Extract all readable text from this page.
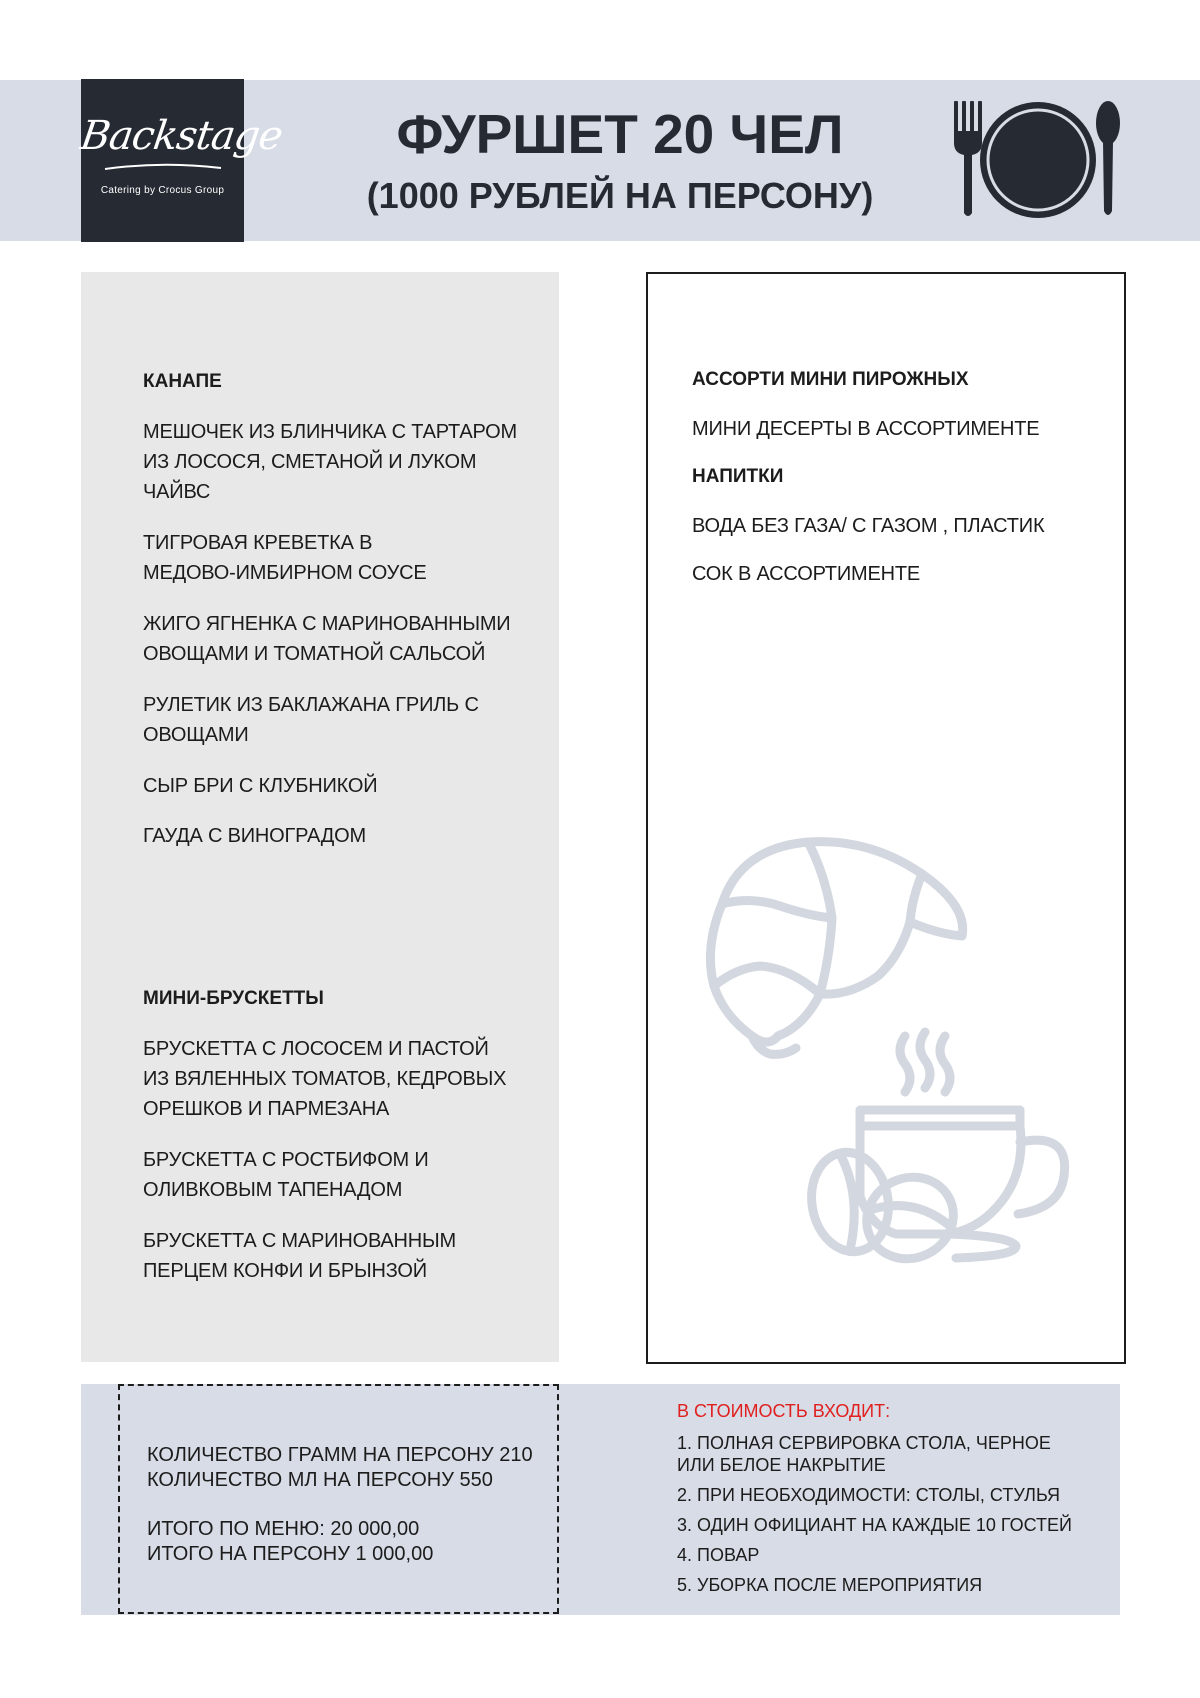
Backstage
Catering by Crocus Group
ФУРШЕТ 20 ЧЕЛ
(1000 РУБЛЕЙ НА ПЕРСОНУ)
КАНАПЕ
МЕШОЧЕК ИЗ БЛИНЧИКА С ТАРТАРОМ
ИЗ ЛОСОСЯ, СМЕТАНОЙ И ЛУКОМ
ЧАЙВС
ТИГРОВАЯ КРЕВЕТКА В
МЕДОВО-ИМБИРНОМ СОУСЕ
ЖИГО ЯГНЕНКА С МАРИНОВАННЫМИ
ОВОЩАМИ И ТОМАТНОЙ САЛЬСОЙ
РУЛЕТИК ИЗ БАКЛАЖАНА ГРИЛЬ С
ОВОЩАМИ
СЫР БРИ С КЛУБНИКОЙ
ГАУДА С ВИНОГРАДОМ
МИНИ-БРУСКЕТТЫ
БРУСКЕТТА С ЛОСОСЕМ И ПАСТОЙ
ИЗ ВЯЛЕННЫХ ТОМАТОВ, КЕДРОВЫХ
ОРЕШКОВ И ПАРМЕЗАНА
БРУСКЕТТА С РОСТБИФОМ И
ОЛИВКОВЫМ ТАПЕНАДОМ
БРУСКЕТТА С МАРИНОВАННЫМ
ПЕРЦЕМ КОНФИ И БРЫНЗОЙ
АССОРТИ МИНИ ПИРОЖНЫХ
МИНИ ДЕСЕРТЫ В АССОРТИМЕНТЕ
НАПИТКИ
ВОДА БЕЗ ГАЗА/ С ГАЗОМ , ПЛАСТИК
СОК В АССОРТИМЕНТЕ
КОЛИЧЕСТВО ГРАММ НА ПЕРСОНУ 210
КОЛИЧЕСТВО МЛ НА ПЕРСОНУ 550
ИТОГО ПО МЕНЮ: 20 000,00
ИТОГО НА ПЕРСОНУ 1 000,00
В СТОИМОСТЬ ВХОДИТ:
1. ПОЛНАЯ СЕРВИРОВКА СТОЛА, ЧЕРНОЕ
ИЛИ БЕЛОЕ НАКРЫТИЕ
2. ПРИ НЕОБХОДИМОСТИ: СТОЛЫ, СТУЛЬЯ
3. ОДИН ОФИЦИАНТ НА КАЖДЫЕ 10 ГОСТЕЙ
4. ПОВАР
5. УБОРКА ПОСЛЕ МЕРОПРИЯТИЯ
